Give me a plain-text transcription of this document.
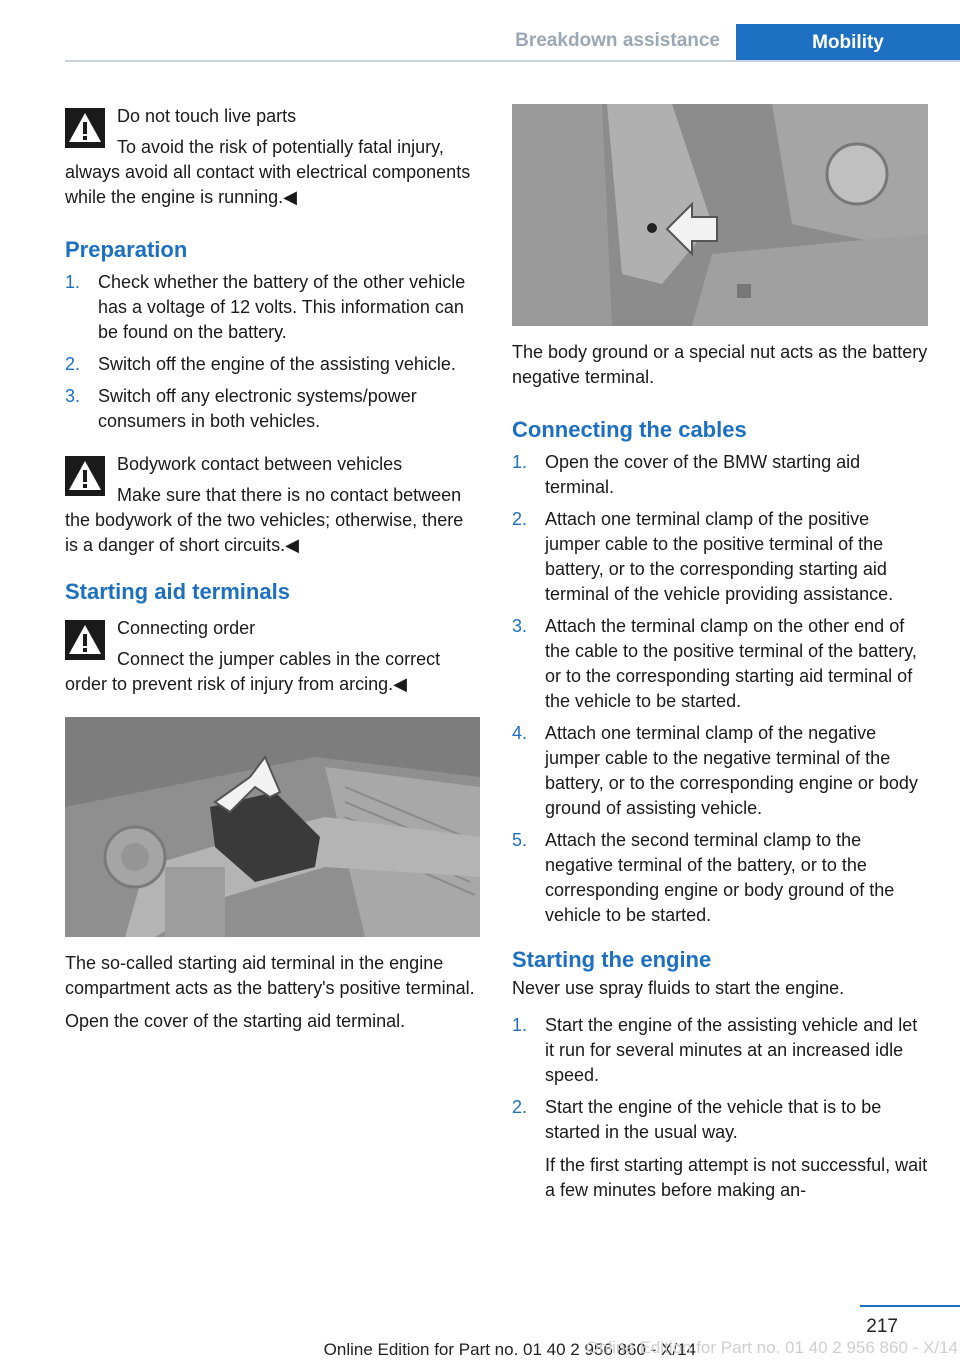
Breakdown assistance	Mobility
Do not touch live parts
To avoid the risk of potentially fatal injury, always avoid all contact with electrical components while the engine is running.◀
Preparation
1. Check whether the battery of the other vehicle has a voltage of 12 volts. This information can be found on the battery.
2. Switch off the engine of the assisting vehicle.
3. Switch off any electronic systems/power consumers in both vehicles.
Bodywork contact between vehicles
Make sure that there is no contact between the bodywork of the two vehicles; otherwise, there is a danger of short circuits.◀
Starting aid terminals
Connecting order
Connect the jumper cables in the correct order to prevent risk of injury from arcing.◀

The so-called starting aid terminal in the engine compartment acts as the battery's positive terminal.

Open the cover of the starting aid terminal.

The body ground or a special nut acts as the battery negative terminal.

Connecting the cables
1. Open the cover of the BMW starting aid terminal.
2. Attach one terminal clamp of the positive jumper cable to the positive terminal of the battery, or to the corresponding starting aid terminal of the vehicle providing assistance.
3. Attach the terminal clamp on the other end of the cable to the positive terminal of the battery, or to the corresponding starting aid terminal of the vehicle to be started.
4. Attach one terminal clamp of the negative jumper cable to the negative terminal of the battery, or to the corresponding engine or body ground of assisting vehicle.
5. Attach the second terminal clamp to the negative terminal of the battery, or to the corresponding engine or body ground of the vehicle to be started.
Starting the engine

Never use spray fluids to start the engine.

1. Start the engine of the assisting vehicle and let it run for several minutes at an increased idle speed.
2. Start the engine of the vehicle that is to be started in the usual way.

If the first starting attempt is not successful, wait a few minutes before making an-

217
Online Edition for Part no. 01 40 2 956 860 - X/14
Online Edition for Part no. 01 40 2 956 860 - X/14
